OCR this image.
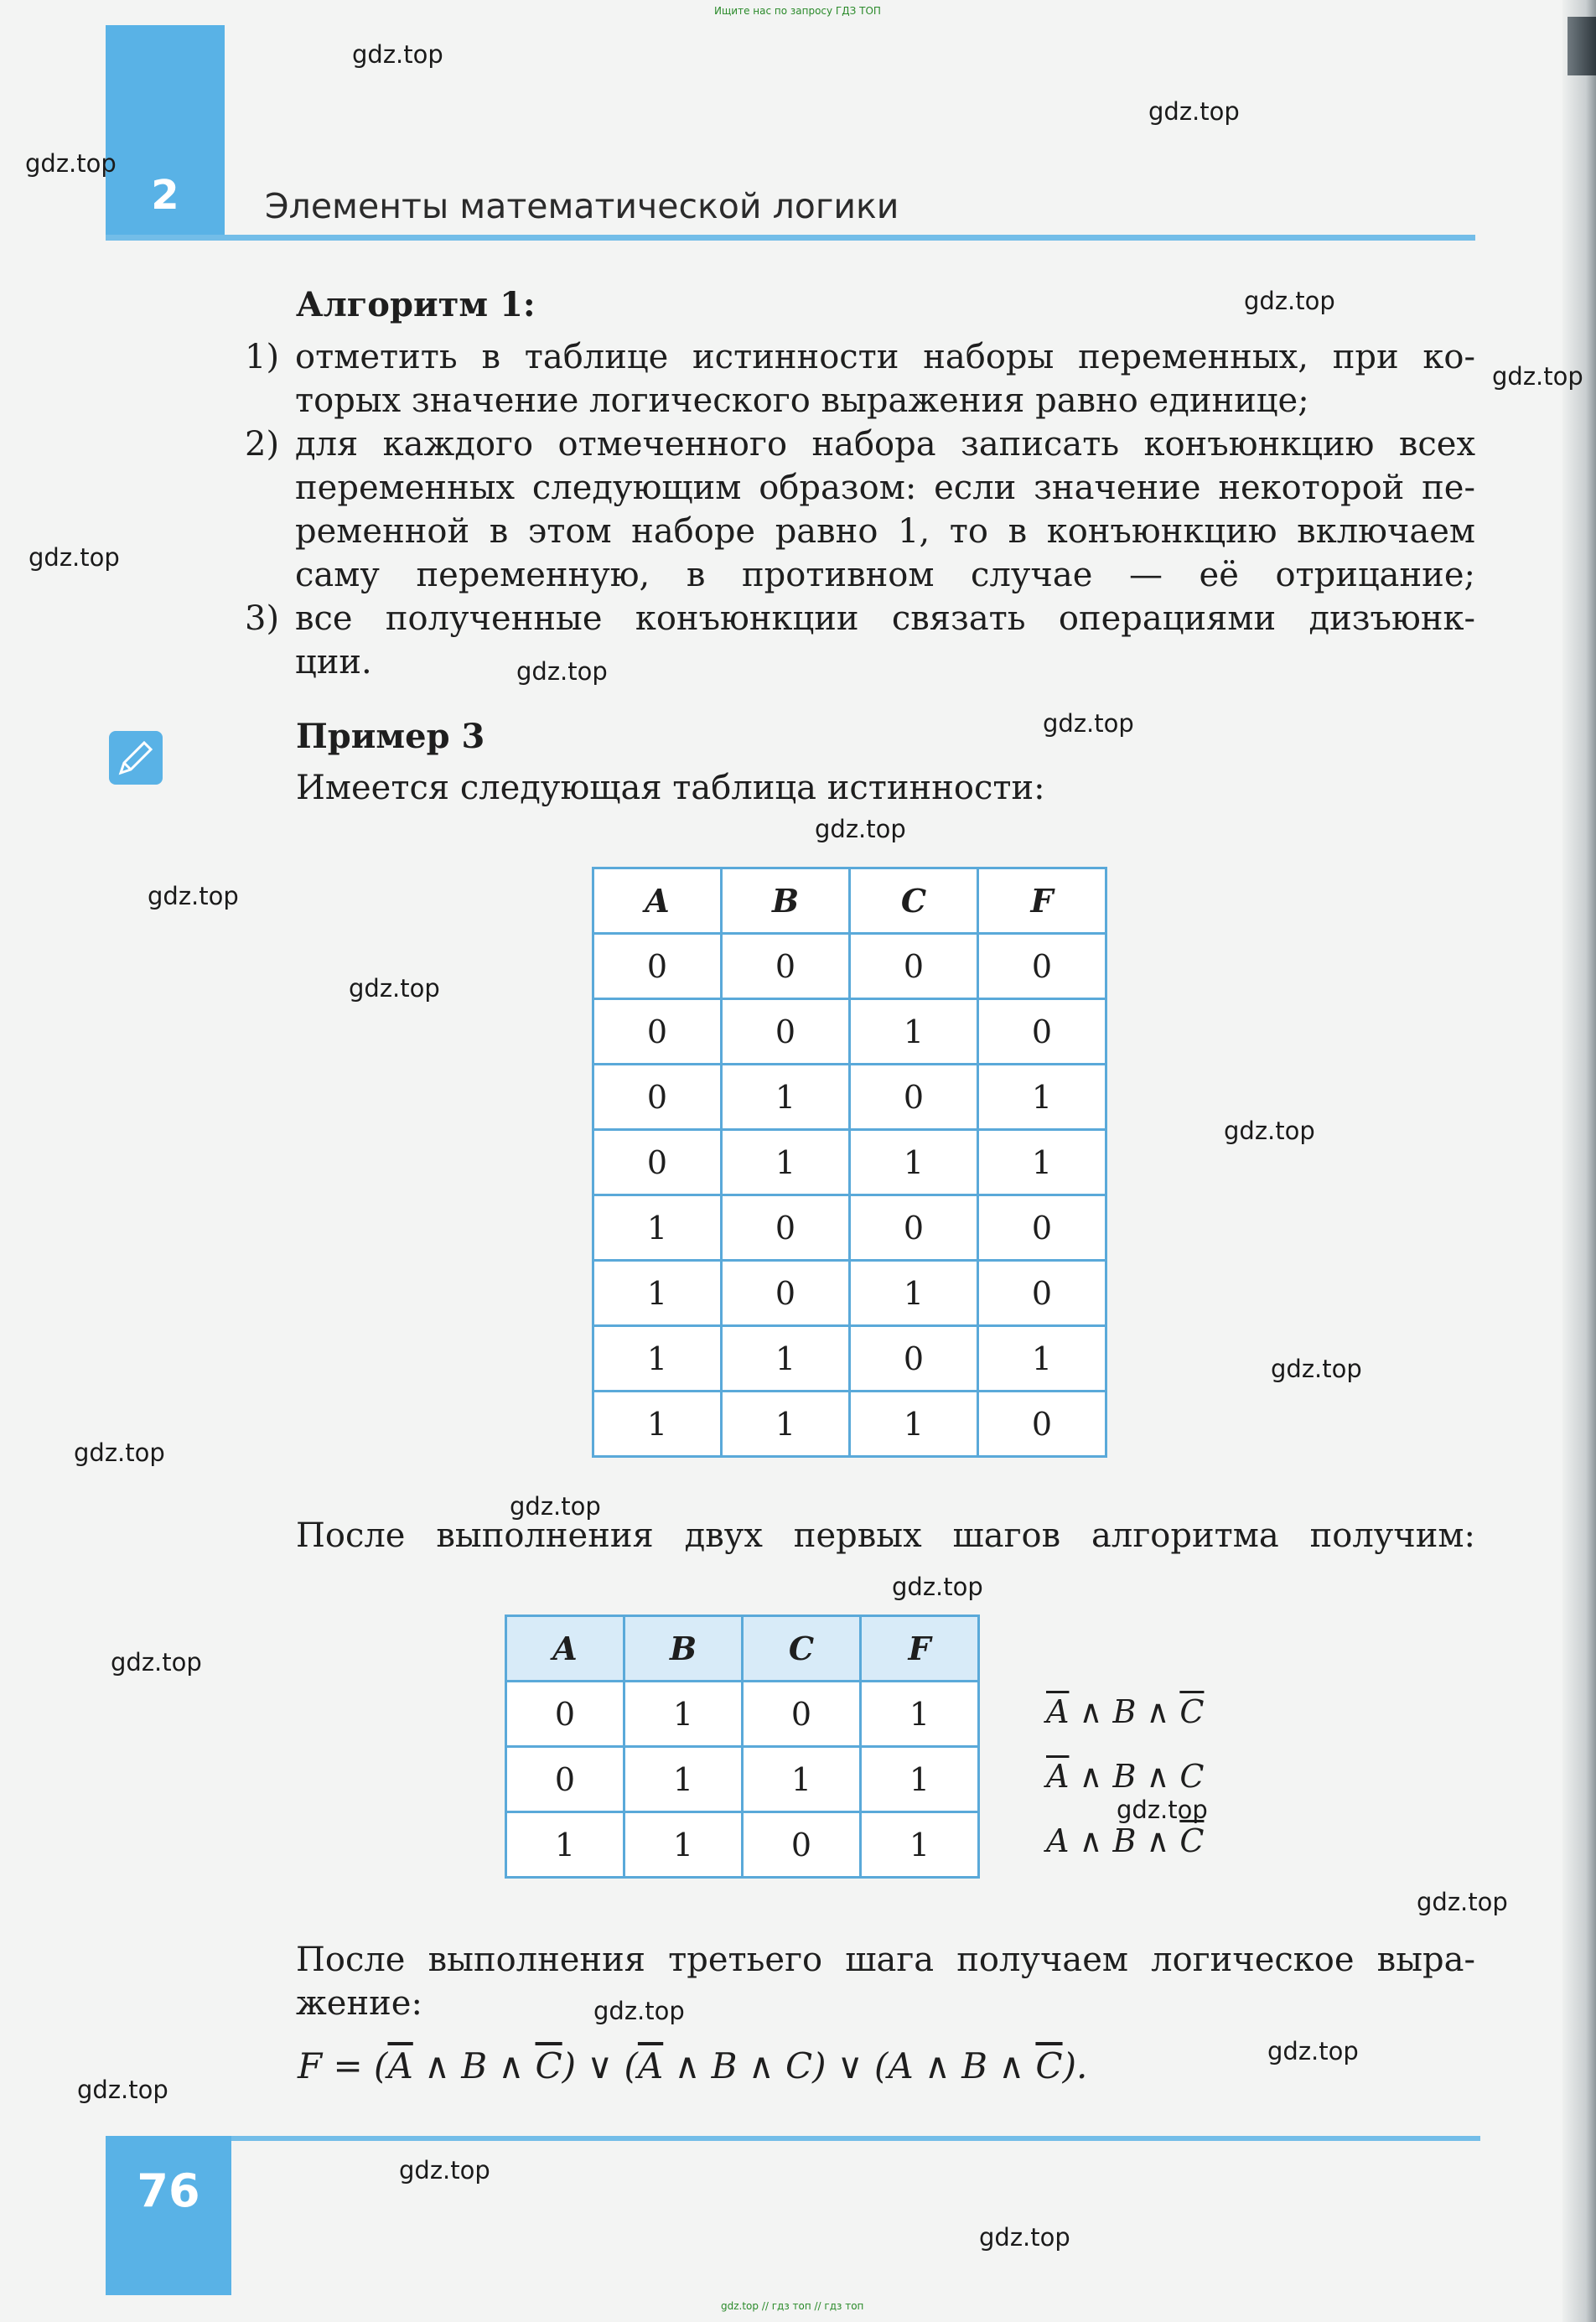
Ищите нас по запросу ГДЗ ТОП
2	Элементы математической логики
Алгоритм 1:
1) отметить в таблице истинности наборы переменных, при ко-
торых значение логического выражения равно единице;
2) для каждого отмеченного набора записать конъюнкцию всех
переменных следующим образом: если значение некоторой пе-
ременной в этом наборе равно 1, то в конъюнкцию включаем
саму переменную, в противном случае — её отрицание;
3) все полученные конъюнкции связать операциями дизъюнк-
ции.
Пример 3
Имеется следующая таблица истинности:
A	B	C	F
0	0	0	0
0	0	1	0
0	1	0	1
0	1	1	1
1	0	0	0
1	0	1	0
1	1	0	1
1	1	1	0
После выполнения двух первых шагов алгоритма получим:
A	B	C	F
0	1	0	1
0	1	1	1
1	1	0	1
$\overline{A}$ ∧ B ∧ $\overline{C}$
$\overline{A}$ ∧ B ∧ C
A ∧ B ∧ $\overline{C}$
После выполнения третьего шага получаем логическое выра-
жение:
$F = (\overline{A}$ ∧ B ∧ $\overline{C}$) ∨ ($\overline{A}$ ∧ B ∧ C) ∨ (A ∧ B ∧ $\overline{C}$).
76
gdz.top
gdz.top
gdz.top
gdz.top
gdz.top
gdz.top
gdz.top
gdz.top
gdz.top
gdz.top
gdz.top
gdz.top
gdz.top
gdz.top
gdz.top
gdz.top
gdz.top
gdz.top
gdz.top
gdz.top
gdz.top
gdz.top
gdz.top
gdz.top
gdz.top // гдз топ // гдз топ
